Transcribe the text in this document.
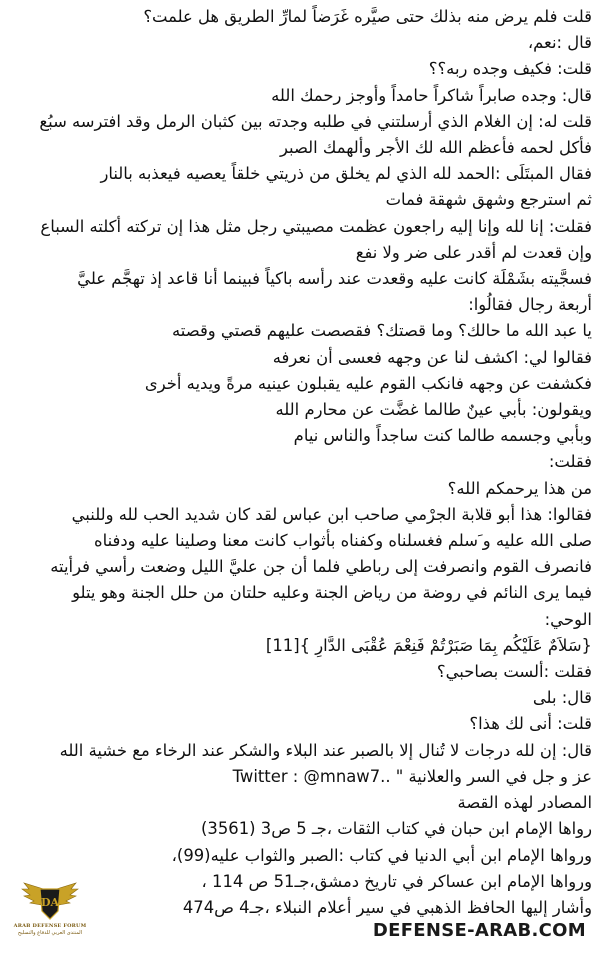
قلت فلم يرض منه بذلك حتى صيَّره غَرَضاً لمارِّ الطريق هل علمت؟
قال :نعم،
قلت: فكيف وجده ربه؟؟
قال: وجده صابراً شاكراً حامداً وأوجز رحمك الله
قلت له: إن الغلام الذي أرسلتني في طلبه وجدته بين كثبان الرمل وقد افترسه سبُع
فأكل لحمه فأعظم الله لك الأجر وألهمك الصبر
فقال المبتَلَى :الحمد لله الذي لم يخلق من ذريتي خلقاً يعصيه فيعذبه بالنار
ثم استرجع وشهق شهقة فمات
فقلت: إنا لله وإنا إليه راجعون عظمت مصيبتي رجل مثل هذا إن تركته أكلته السباع
وإن قعدت لم أقدر على ضر ولا نفع
فسجَّيته بشَمْلَة كانت عليه وقعدت عند رأسه باكياً فبينما أنا قاعد إذ تهجَّم عليَّ
أربعة رجال فقالُوا:
يا عبد الله ما حالك؟ وما قصتك؟ فقصصت عليهم قصتي وقصته
فقالوا لي: اكشف لنا عن وجهه فعسى أن نعرفه
فكشفت عن وجهه فانكب القوم عليه يقبلون عينيه مرةً ويديه أخرى
ويقولون: بأبي عينٌ طالما غضَّت عن محارم الله
وبأبي وجسمه طالما كنت ساجداً والناس نيام
فقلت:
من هذا يرحمكم الله؟
فقالوا: هذا أبو قلابة الجرْمي صاحب ابن عباس لقد كان شديد الحب لله وللنبي
صلى الله عليه و َسلم فغسلناه وكفناه بأثواب كانت معنا وصلينا عليه ودفناه
فانصرف القوم وانصرفت إلى رباطي فلما أن جن عليَّ الليل وضعت رأسي فرأيته
فيما يرى النائم في روضة من رياض الجنة وعليه حلتان من حلل الجنة وهو يتلو
الوحي:
{سَلاَمٌ عَلَيْكُم بِمَا صَبَرْتُمْ فَنِعْمَ عُقْبَى الدَّارِ }[11]
فقلت :ألست بصاحبي؟
قال: بلى
قلت: أنى لك هذا؟
قال: إن لله درجات لا تُنال إلا بالصبر عند البلاء والشكر عند الرخاء مع خشية الله
عز و جل في السر والعلانية " ..Twitter : @mnaw7
المصادر لهذه القصة
رواها الإمام ابن حبان في كتاب الثقات ،جـ 5 ص3 (3561)
ورواها الإمام ابن أبي الدنيا في كتاب :الصبر والثواب عليه(99)،
ورواها الإمام ابن عساكر في تاريخ دمشق،جـ51 ص 114 ،
وأشار إليها الحافظ الذهبي في سير أعلام النبلاء ،جـ4 ص474
DA
ARAB DEFENSE FORUM
المنتدى العربي للدفاع والتسليح	DEFENSE-ARAB.COM
